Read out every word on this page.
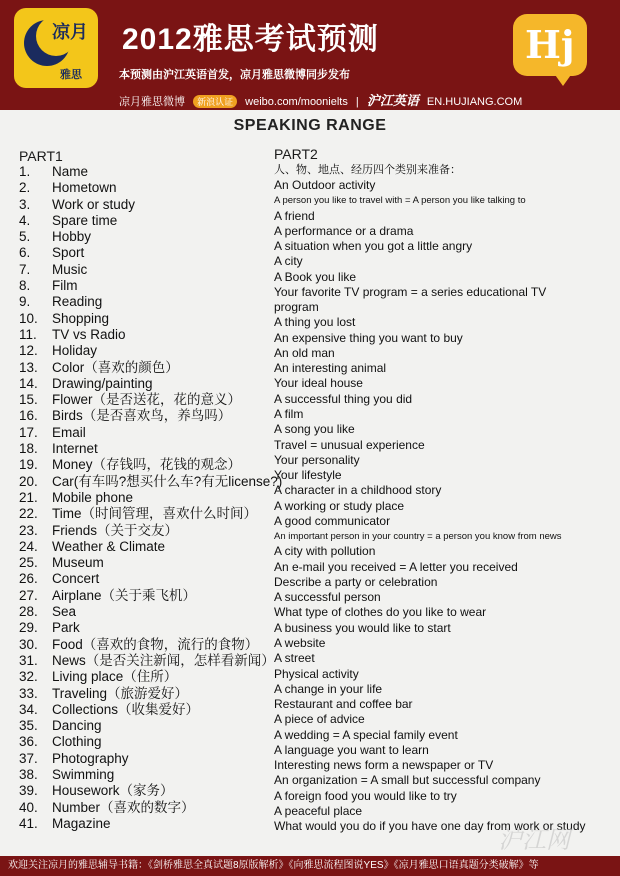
凉月
雅思
2012雅思考试预测
本预测由沪江英语首发，凉月雅思微博同步发布
凉月雅思微博 新浪认证 weibo.com/moonielts | 沪江英语 EN.HUJIANG.COM
Hj
SPEAKING RANGE
PART1
1. Name
2. Hometown
3. Work or study
4. Spare time
5. Hobby
6. Sport
7. Music
8. Film
9. Reading
10. Shopping
11. TV vs Radio
12. Holiday
13. Color（喜欢的颜色）
14. Drawing/painting
15. Flower（是否送花，花的意义）
16. Birds（是否喜欢鸟，养鸟吗）
17. Email
18. Internet
19. Money（存钱吗，花钱的观念）
20. Car(有车吗?想买什么车?有无license?)
21. Mobile phone
22. Time（时间管理，喜欢什么时间）
23. Friends（关于交友）
24. Weather & Climate
25. Museum
26. Concert
27. Airplane（关于乘飞机）
28. Sea
29. Park
30. Food（喜欢的食物，流行的食物）
31. News（是否关注新闻，怎样看新闻）
32. Living place（住所）
33. Traveling（旅游爱好）
34. Collections（收集爱好）
35. Dancing
36. Clothing
37. Photography
38. Swimming
39. Housework（家务）
40. Number（喜欢的数字）
41. Magazine
PART2
人、物、地点、经历四个类别来准备：
An Outdoor activity
A person you like to travel with = A person you like talking to
A friend
A performance or a drama
A situation when you got a little angry
A city
A Book you like
Your favorite TV program = a series educational TV
program
A thing you lost
An expensive thing you want to buy
An old man
An interesting animal
Your ideal house
A successful thing you did
A film
A song you like
Travel = unusual experience
Your personality
Your lifestyle
A character in a childhood story
A working or study place
A good communicator
An important person in your country = a person you know from news
A city with pollution
An e-mail you received = A letter you received
Describe a party or celebration
A successful person
What type of clothes do you like to wear
A business you would like to start
A website
A street
Physical activity
A change in your life
Restaurant and coffee bar
A piece of advice
A wedding = A special family event
A language you want to learn
Interesting news form a newspaper or TV
An organization = A small but successful company
A foreign food you would like to try
A peaceful place
What would you do if you have one day from work or study
沪江网
欢迎关注凉月的雅思辅导书籍：《剑桥雅思全真试题8原版解析》《向雅思流程图说YES》《凉月雅思口语真题分类破解》等
